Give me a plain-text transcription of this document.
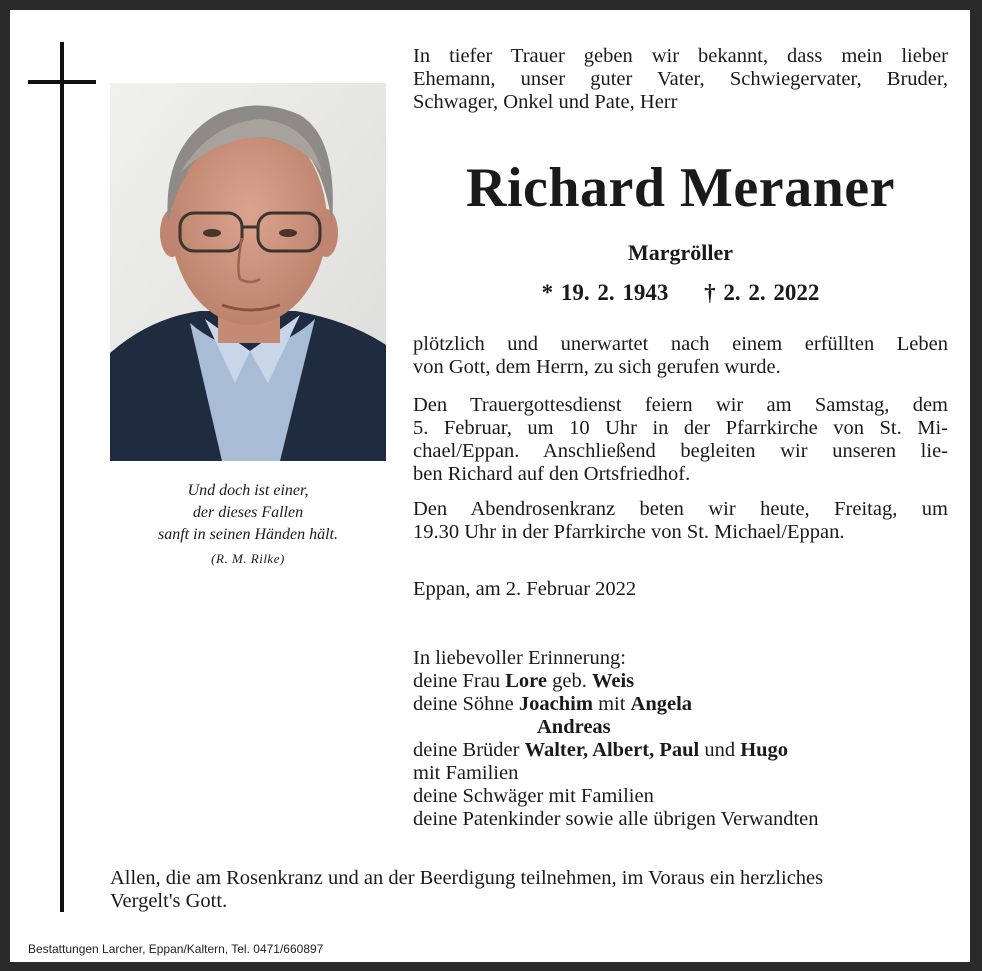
Und doch ist einer,
der dieses Fallen
sanft in seinen Händen hält.
(R. M. Rilke)
In tiefer Trauer geben wir bekannt, dass mein lieber
Ehemann, unser guter Vater, Schwiegervater, Bruder,
Schwager, Onkel und Pate, Herr
Richard Meraner
Margröller
* 19. 2. 1943 † 2. 2. 2022
plötzlich und unerwartet nach einem erfüllten Leben
von Gott, dem Herrn, zu sich gerufen wurde.
Den Trauergottesdienst feiern wir am Samstag, dem
5. Februar, um 10 Uhr in der Pfarrkirche von St. Mi-
chael/Eppan. Anschließend begleiten wir unseren lie-
ben Richard auf den Ortsfriedhof.
Den Abendrosenkranz beten wir heute, Freitag, um
19.30 Uhr in der Pfarrkirche von St. Michael/Eppan.
Eppan, am 2. Februar 2022
In liebevoller Erinnerung:
deine Frau Lore geb. Weis
deine Söhne Joachim mit Angela
Andreas
deine Brüder Walter, Albert, Paul und Hugo
mit Familien
deine Schwäger mit Familien
deine Patenkinder sowie alle übrigen Verwandten
Allen, die am Rosenkranz und an der Beerdigung teilnehmen, im Voraus ein herzliches
Vergelt's Gott.
Bestattungen Larcher, Eppan/Kaltern, Tel. 0471/660897
